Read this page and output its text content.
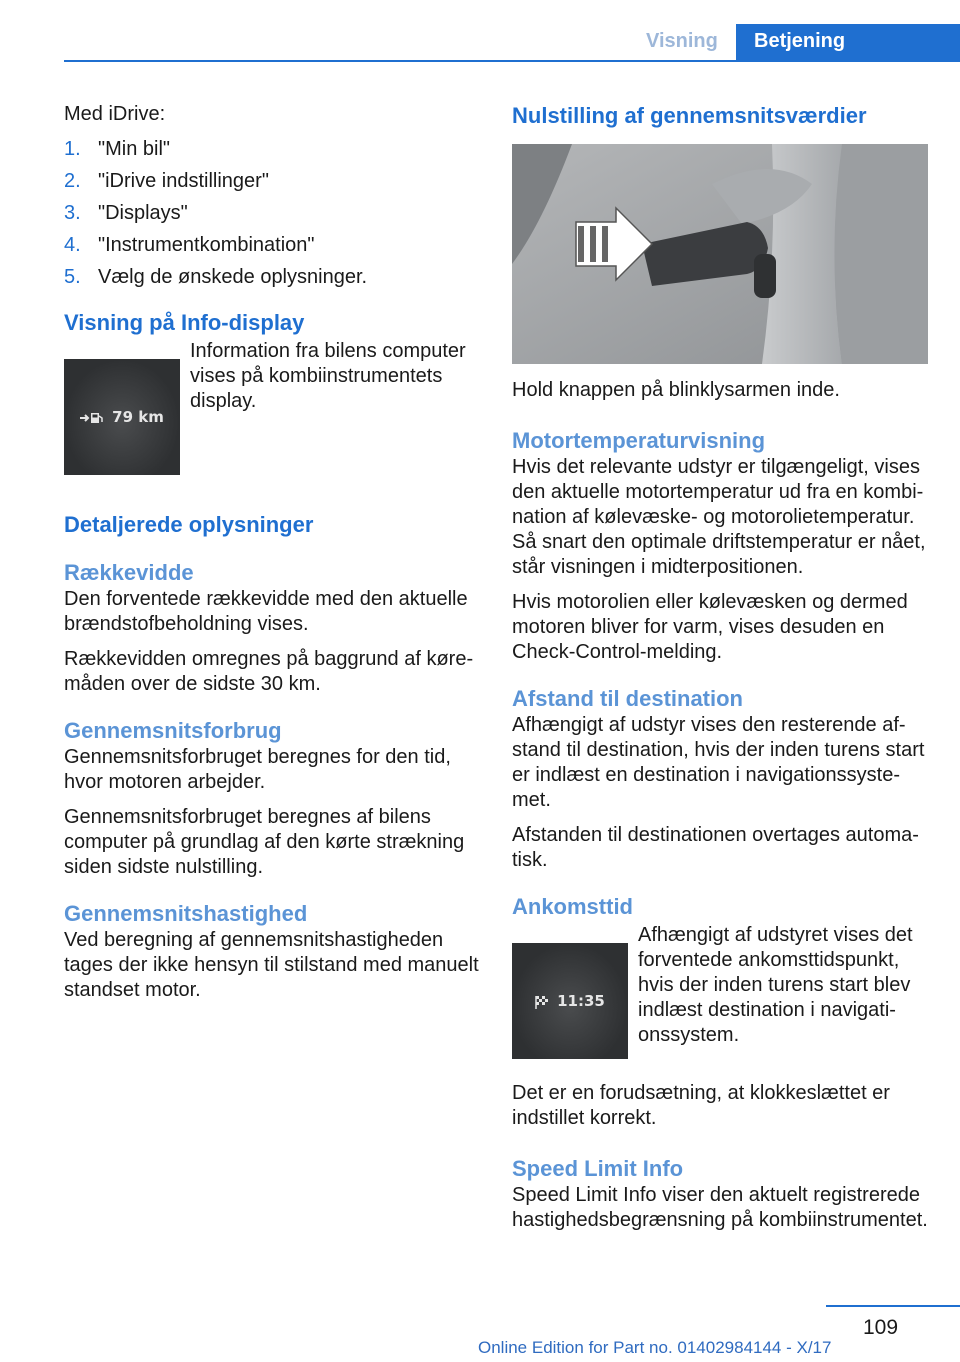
Visning Betjening

Med iDrive:

1. "Min bil"
2. "iDrive indstillinger"
3. "Displays"
4. "Instrumentkombination"
5. Vælg de ønskede oplysninger.
Visning på Info-display
79 km

Information fra bilens computer vises på kombiinstrumentets display.

Detaljerede oplysninger
Rækkevidde

Den forventede rækkevidde med den aktuelle brændstofbeholdning vises.

Rækkevidden omregnes på baggrund af køremåden over de sidste 30 km.

Gennemsnitsforbrug

Gennemsnitsforbruget beregnes for den tid, hvor motoren arbejder.

Gennemsnitsforbruget beregnes af bilens computer på grundlag af den kørte strækning siden sidste nulstilling.

Gennemsnitshastighed

Ved beregning af gennemsnitshastigheden tages der ikke hensyn til stilstand med manuelt standset motor.

Nulstilling af gennemsnitsværdier

Hold knappen på blinklysarmen inde.

Motortemperaturvisning

Hvis det relevante udstyr er tilgængeligt, vises den aktuelle motortemperatur ud fra en kombination af kølevæske- og motorolietemperatur. Så snart den optimale driftstemperatur er nået, står visningen i midterpositionen.

Hvis motorolien eller kølevæsken og dermed motoren bliver for varm, vises desuden en Check-Control-melding.

Afstand til destination

Afhængigt af udstyr vises den resterende afstand til destination, hvis der inden turens start er indlæst en destination i navigationssystemet.

Afstanden til destinationen overtages automatisk.

Ankomsttid
11:35

Afhængigt af udstyret vises det forventede ankomsttidspunkt, hvis der inden turens start blev indlæst destination i navigationssystem.

Det er en forudsætning, at klokkeslættet er indstillet korrekt.

Speed Limit Info

Speed Limit Info viser den aktuelt registrerede hastighedsbegrænsning på kombiinstrumentet.

109
Online Edition for Part no. 01402984144 - X/17
